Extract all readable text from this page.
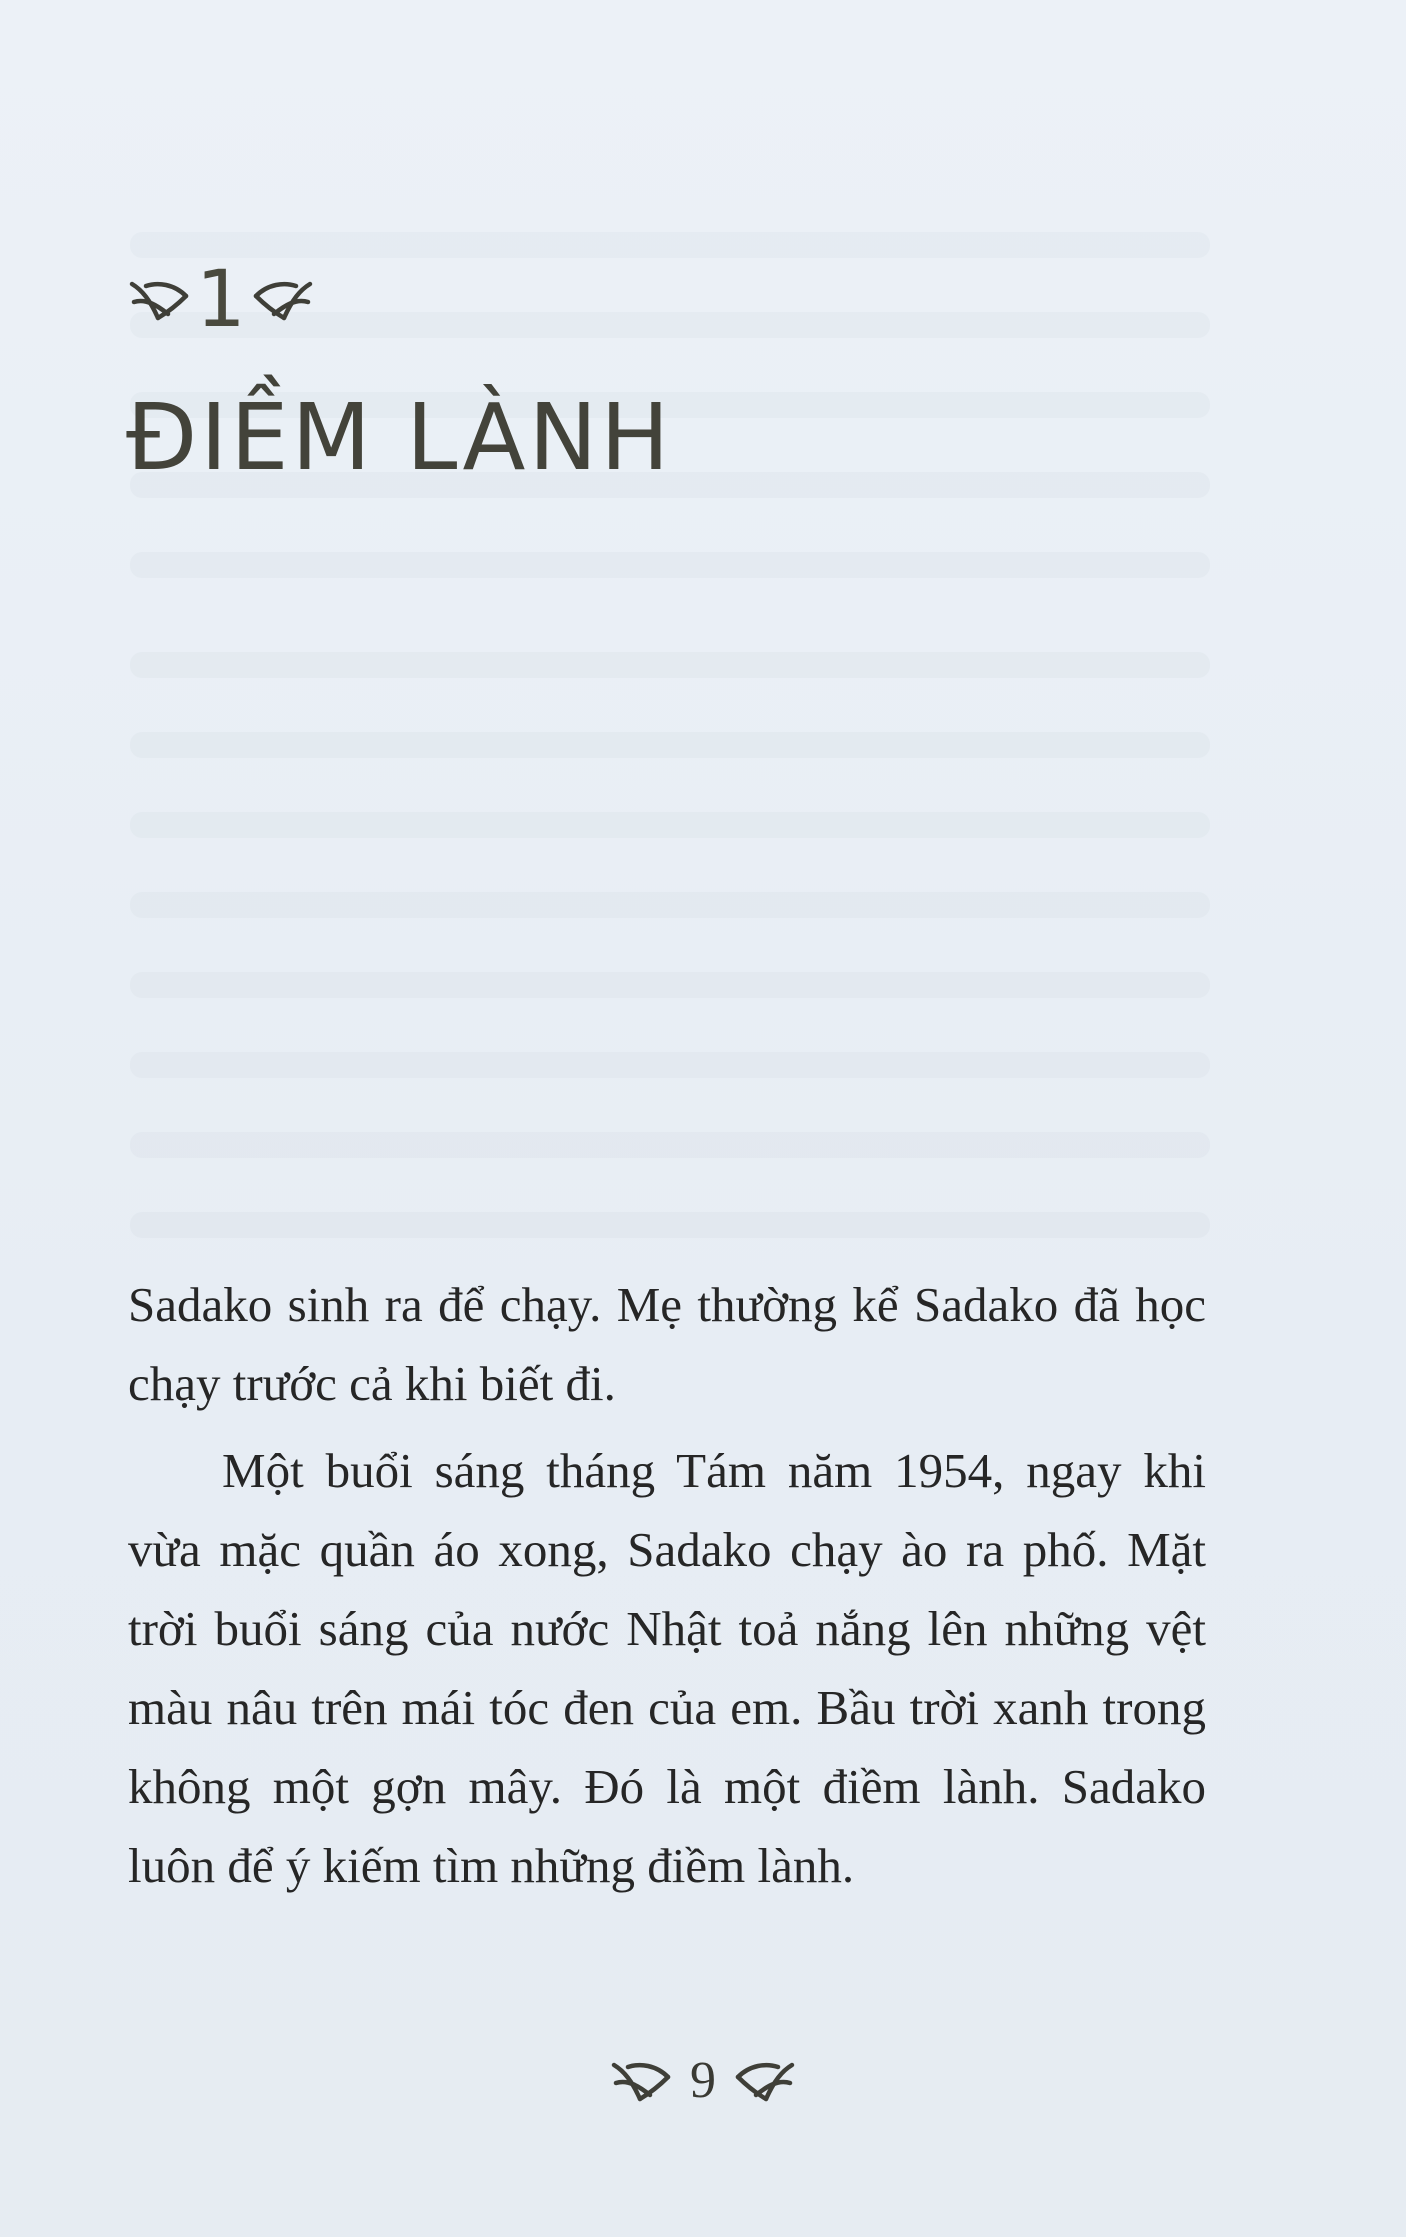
1
ĐIỀM LÀNH

Sadako sinh ra để chạy. Mẹ thường kể Sadako đã học chạy trước cả khi biết đi.

Một buổi sáng tháng Tám năm 1954, ngay khi vừa mặc quần áo xong, Sadako chạy ào ra phố. Mặt trời buổi sáng của nước Nhật toả nắng lên những vệt màu nâu trên mái tóc đen của em. Bầu trời xanh trong không một gợn mây. Đó là một điềm lành. Sadako luôn để ý kiếm tìm những điềm lành.

9
